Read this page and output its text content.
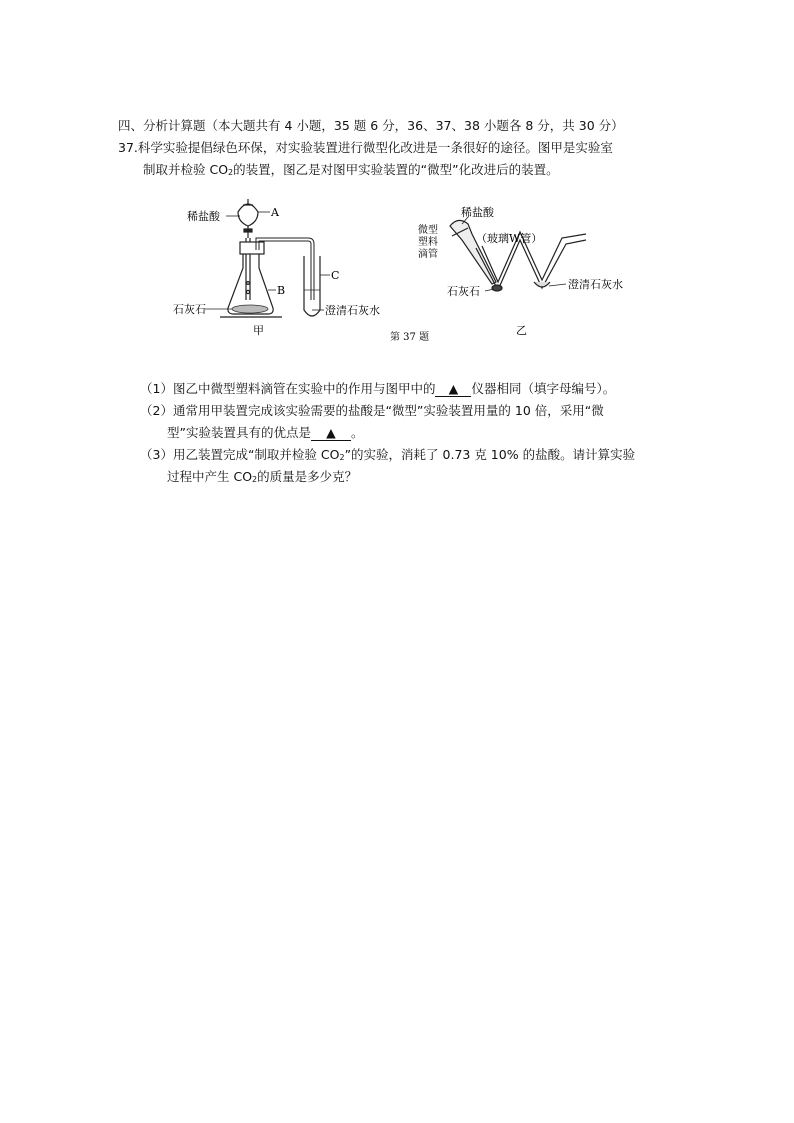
四、分析计算题（本大题共有 4 小题，35 题 6 分，36、37、38 小题各 8 分，共 30 分）
37.科学实验提倡绿色环保，对实验装置进行微型化改进是一条很好的途径。图甲是实验室
制取并检验 CO2的装置，图乙是对图甲实验装置的“微型”化改进后的装置。
稀盐酸	A
B
C
石灰石	澄清石灰水
甲
稀盐酸
微型
塑料
滴管
（玻璃W管）
石灰石
澄清石灰水
乙
第 37 题
（1）图乙中微型塑料滴管在实验中的作用与图甲中的 ▲ 仪器相同（填字母编号）。
（2）通常用甲装置完成该实验需要的盐酸是“微型”实验装置用量的 10 倍，采用“微
型”实验装置具有的优点是 ▲ 。
（3）用乙装置完成“制取并检验 CO2”的实验，消耗了 0.73 克 10% 的盐酸。请计算实验
过程中产生 CO2的质量是多少克？
